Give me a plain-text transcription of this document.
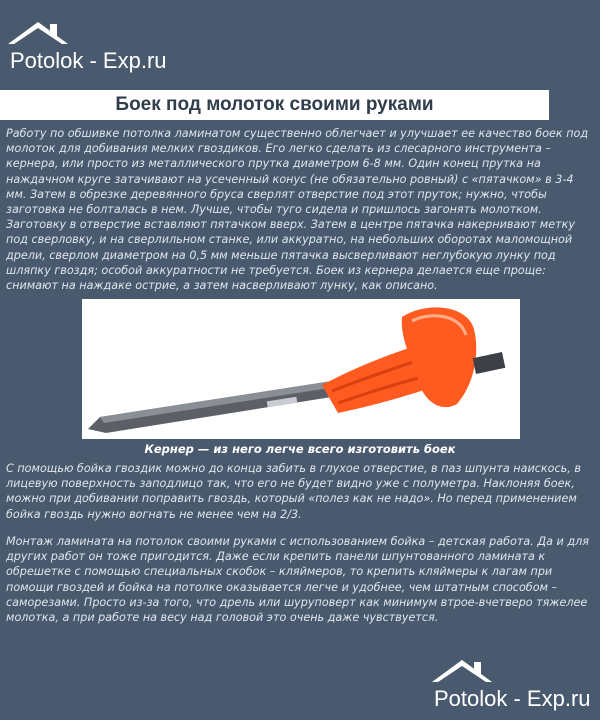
Potolok - Exp.ru
Боек под молоток своими руками

Работу по обшивке потолка ламинатом существенно облегчает и улучшает ее качество боек под молоток для добивания мелких гвоздиков. Его легко сделать из слесарного инструмента – кернера, или просто из металлического прутка диаметром 6-8 мм. Один конец прутка на наждачном круге затачивают на усеченный конус (не обязательно ровный) с «пятачком» в 3-4 мм. Затем в обрезке деревянного бруса сверлят отверстие под этот пруток; нужно, чтобы заготовка не болталась в нем. Лучше, чтобы туго сидела и пришлось загонять молотком. Заготовку в отверстие вставляют пятачком вверх. Затем в центре пятачка накернивают метку под сверловку, и на сверлильном станке, или аккуратно, на небольших оборотах маломощной дрели, сверлом диаметром на 0,5 мм меньше пятачка высверливают неглубокую лунку под шляпку гвоздя; особой аккуратности не требуется. Боек из кернера делается еще проще: снимают на наждаке острие, а затем насверливают лунку, как описано.

Кернер — из него легче всего изготовить боек

С помощью бойка гвоздик можно до конца забить в глухое отверстие, в паз шпунта наискось, в лицевую поверхность заподлицо так, что его не будет видно уже с полуметра. Наклоняя боек, можно при добивании поправить гвоздь, который «полез как не надо». Но перед применением бойка гвоздь нужно вогнать не менее чем на 2/3.

Монтаж ламината на потолок своими руками с использованием бойка – детская работа. Да и для других работ он тоже пригодится. Даже если крепить панели шпунтованного ламината к обрешетке с помощью специальных скобок – кляймеров, то крепить кляймеры к лагам при помощи гвоздей и бойка на потолке оказывается легче и удобнее, чем штатным способом – саморезами. Просто из-за того, что дрель или шуруповерт как минимум втрое-вчетверо тяжелее молотка, а при работе на весу над головой это очень даже чувствуется.

Potolok - Exp.ru
